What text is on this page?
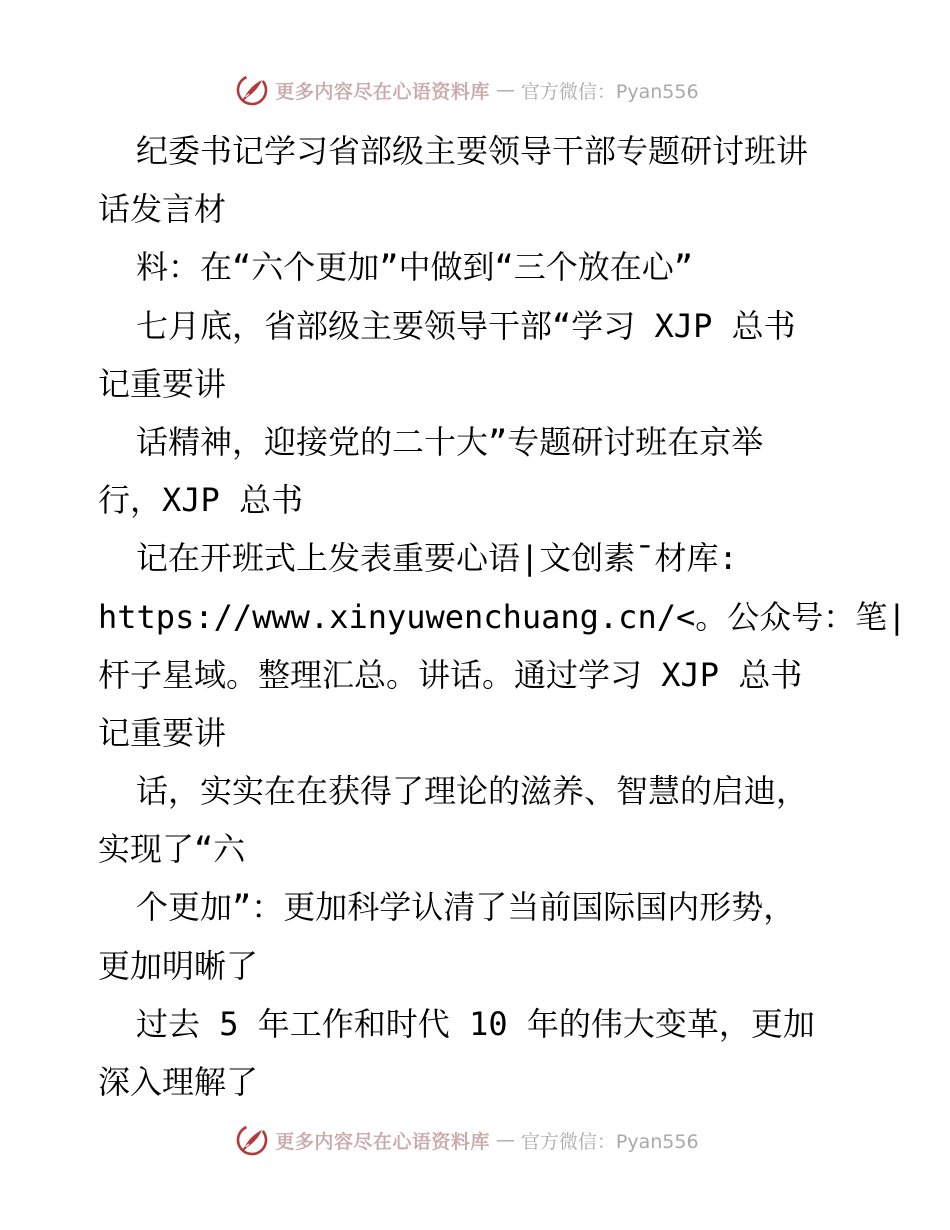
更多内容尽在心语资料库 — 官方微信：Pyan556
纪委书记学习省部级主要领导干部专题研讨班讲
话发言材
料：在“六个更加”中做到“三个放在心”
七月底，省部级主要领导干部“学习 XJP 总书
记重要讲
话精神，迎接党的二十大”专题研讨班在京举
行，XJP 总书
记在开班式上发表重要心语|文创素¯材库:
https://www.xinyuwenchuang.cn/<。公众号：笔|
杆子星域。整理汇总。讲话。通过学习 XJP 总书
记重要讲
话，实实在在获得了理论的滋养、智慧的启迪，
实现了“六
个更加”：更加科学认清了当前国际国内形势，
更加明晰了
过去 5 年工作和时代 10 年的伟大变革，更加
深入理解了
更多内容尽在心语资料库 — 官方微信：Pyan556
